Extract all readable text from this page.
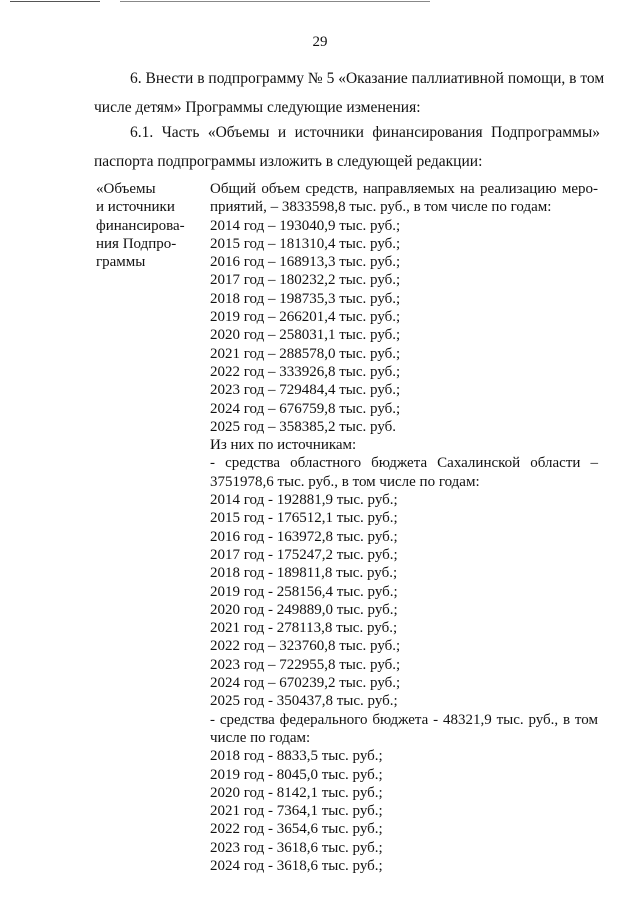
29
6. Внести в подпрограмму № 5 «Оказание паллиативной помощи, в том
числе детям» Программы следующие изменения:
6.1. Часть «Объемы и источники финансирования Подпрограммы»
паспорта подпрограммы изложить в следующей редакции:
«Объемы
и источники
финансирова-
ния Подпро-
граммы
Общий объем средств, направляемых на реализацию меро-
приятий, – 3833598,8 тыс. руб., в том числе по годам:
2014 год – 193040,9 тыс. руб.;
2015 год – 181310,4 тыс. руб.;
2016 год – 168913,3 тыс. руб.;
2017 год – 180232,2 тыс. руб.;
2018 год – 198735,3 тыс. руб.;
2019 год – 266201,4 тыс. руб.;
2020 год – 258031,1 тыс. руб.;
2021 год – 288578,0 тыс. руб.;
2022 год – 333926,8 тыс. руб.;
2023 год – 729484,4 тыс. руб.;
2024 год – 676759,8 тыс. руб.;
2025 год – 358385,2 тыс. руб.
Из них по источникам:
- средства областного бюджета Сахалинской области –
3751978,6 тыс. руб., в том числе по годам:
2014 год - 192881,9 тыс. руб.;
2015 год - 176512,1 тыс. руб.;
2016 год - 163972,8 тыс. руб.;
2017 год - 175247,2 тыс. руб.;
2018 год - 189811,8 тыс. руб.;
2019 год - 258156,4 тыс. руб.;
2020 год - 249889,0 тыс. руб.;
2021 год - 278113,8 тыс. руб.;
2022 год – 323760,8 тыс. руб.;
2023 год – 722955,8 тыс. руб.;
2024 год – 670239,2 тыс. руб.;
2025 год - 350437,8 тыс. руб.;
- средства федерального бюджета - 48321,9 тыс. руб., в том
числе по годам:
2018 год - 8833,5 тыс. руб.;
2019 год - 8045,0 тыс. руб.;
2020 год - 8142,1 тыс. руб.;
2021 год - 7364,1 тыс. руб.;
2022 год - 3654,6 тыс. руб.;
2023 год - 3618,6 тыс. руб.;
2024 год - 3618,6 тыс. руб.;
